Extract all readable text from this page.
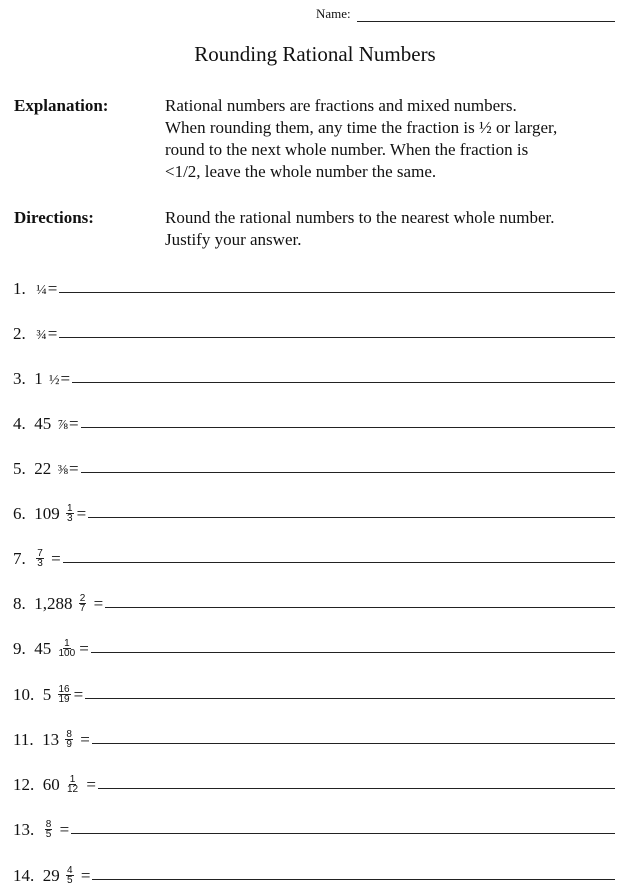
Name:
Rounding Rational Numbers
Explanation:	Rational numbers are fractions and mixed numbers.
When rounding them, any time the fraction is ½ or larger,
round to the next whole number. When the fraction is
<1/2, leave the whole number the same.
Directions:	Round the rational numbers to the nearest whole number.
Justify your answer.
1. ¼ =
2. ¾ =
3. 1 ½ =
4. 45 ⅞ =
5. 22 ⅜ =
6. $109 \frac{1}{3}$ =
7. $\frac{7}{3}$ =
8. $1,288 \frac{2}{7}$ =
9. $45 \frac{1}{100}$ =
10. $5 \frac{16}{19}$ =
11. $13 \frac{8}{9}$ =
12. $60 \frac{1}{12}$ =
13. $\frac{8}{5}$ =
14. $29 \frac{4}{5}$ =
